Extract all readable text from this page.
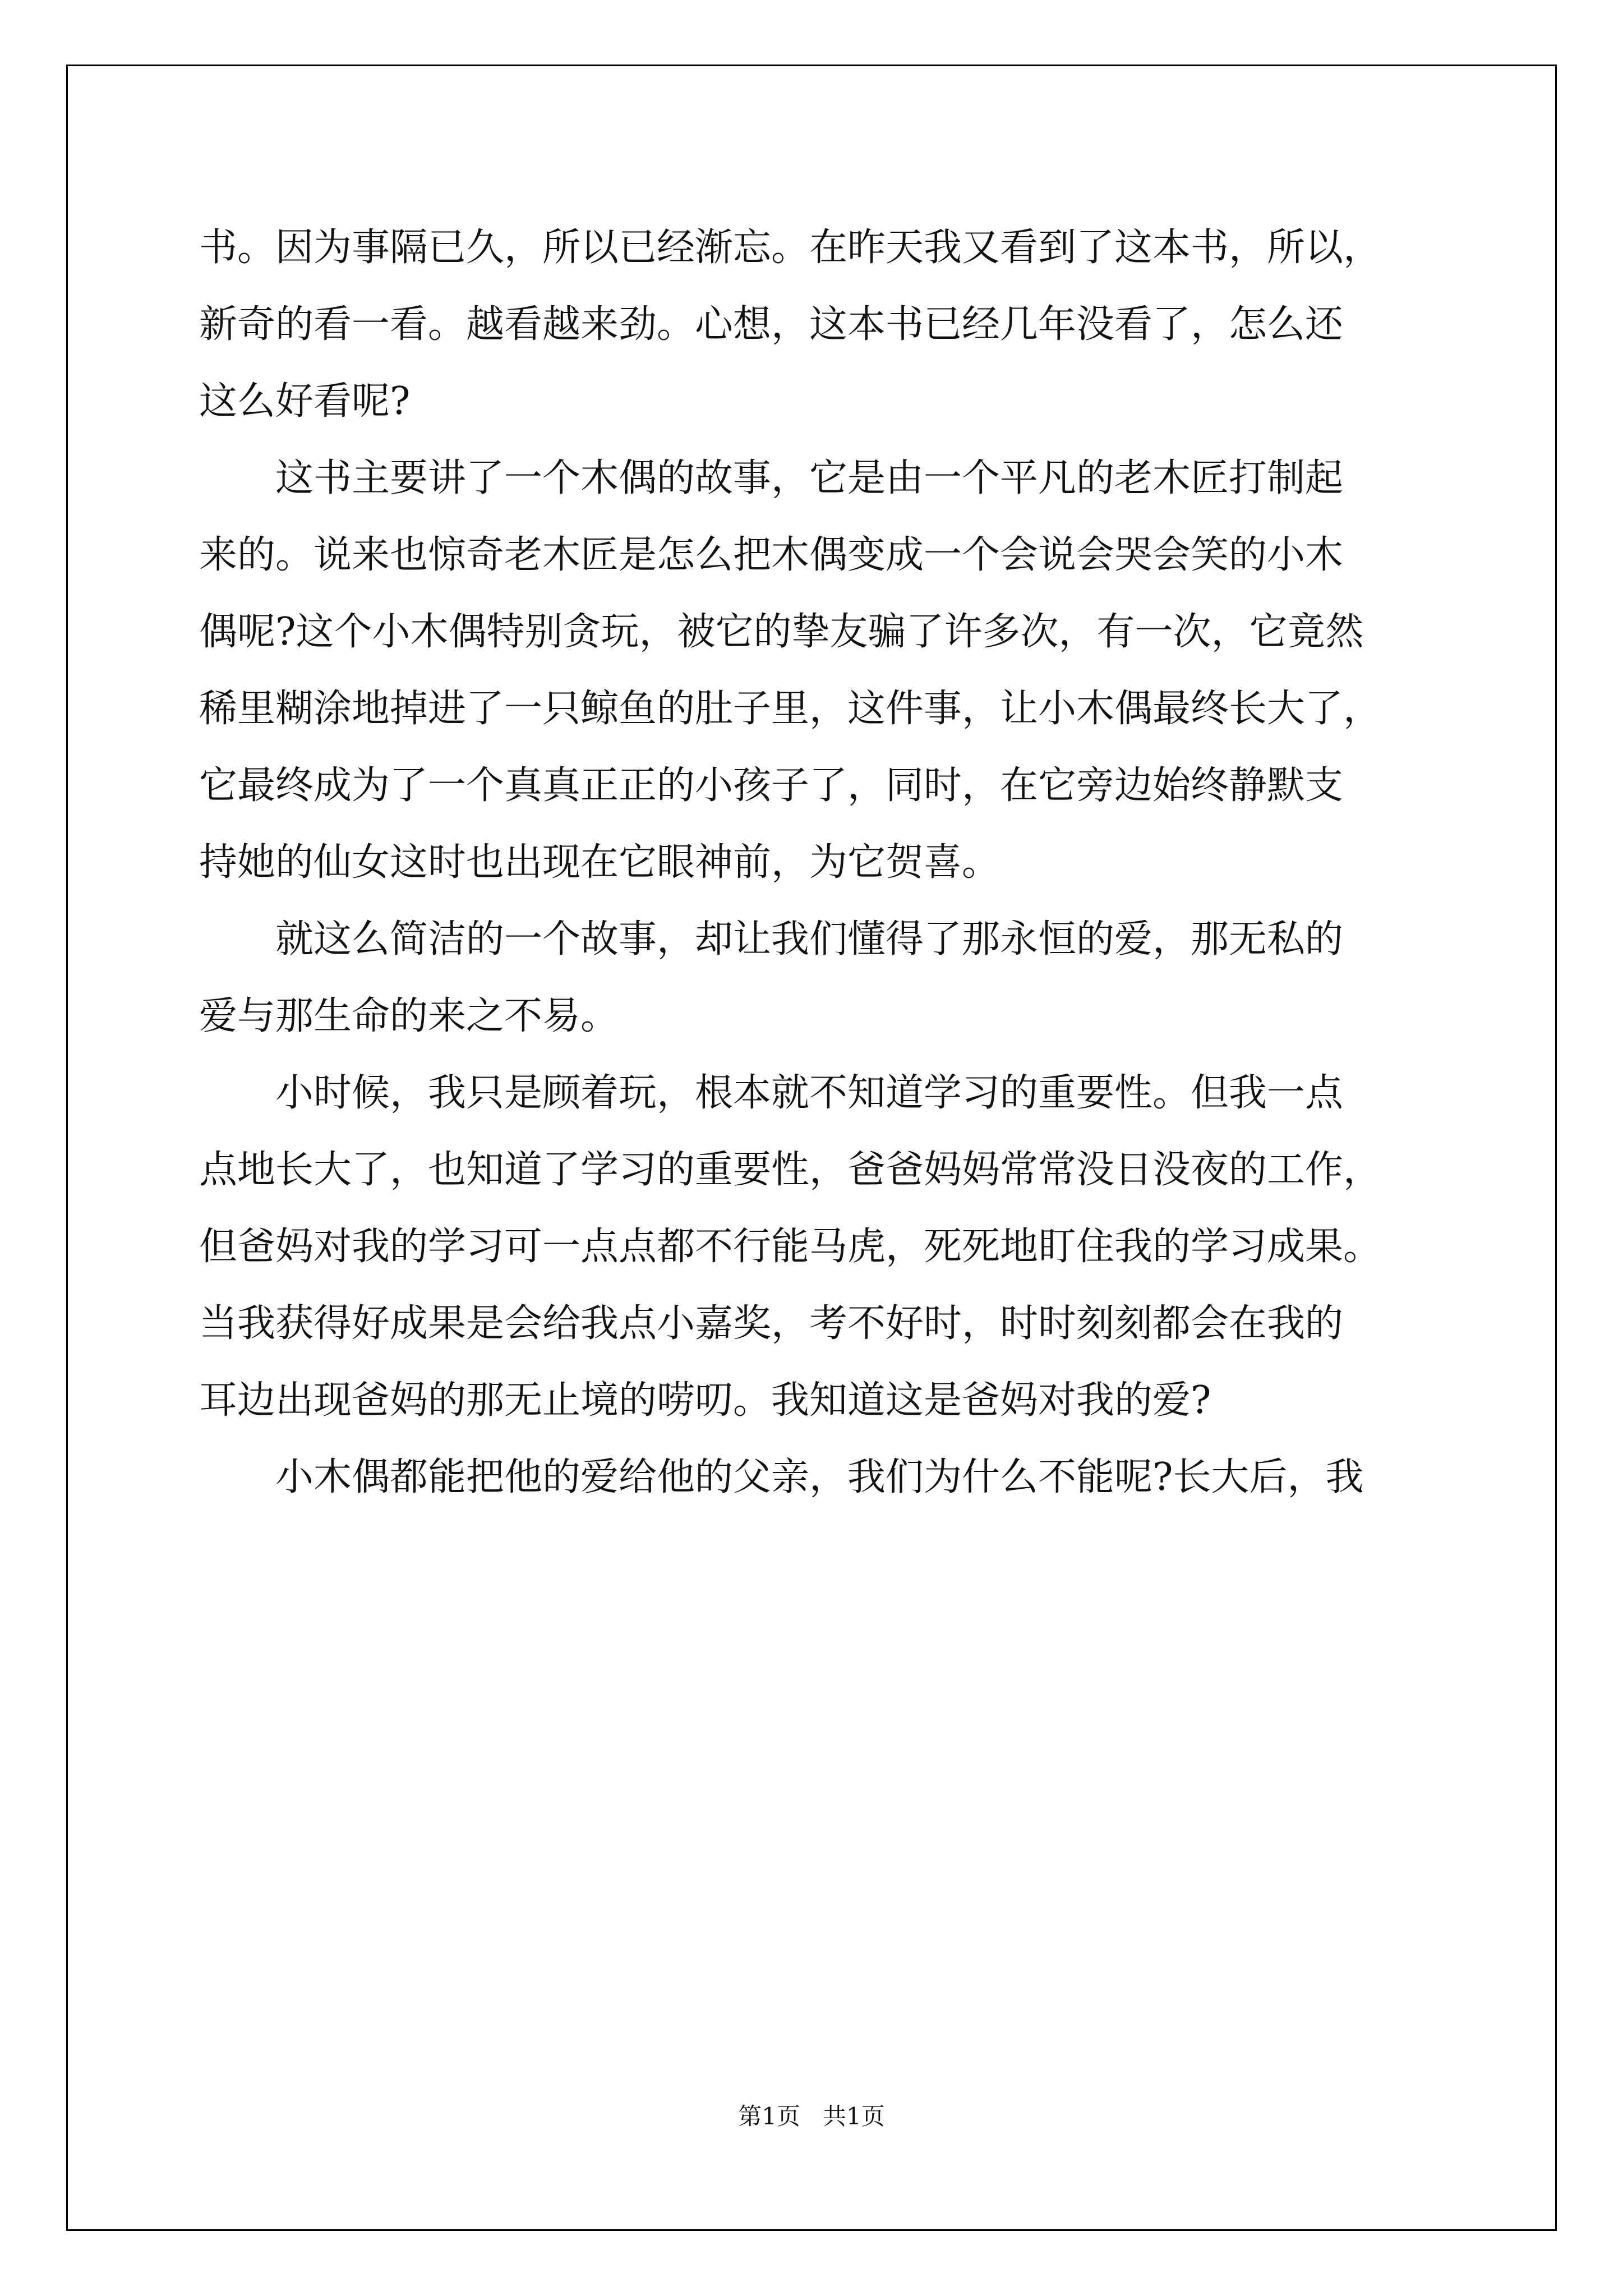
书。因为事隔已久，所以已经渐忘。在昨天我又看到了这本书，所以，
新奇的看一看。越看越来劲。心想，这本书已经几年没看了，怎么还
这么好看呢?
这书主要讲了一个木偶的故事，它是由一个平凡的老木匠打制起
来的。说来也惊奇老木匠是怎么把木偶变成一个会说会哭会笑的小木
偶呢?这个小木偶特别贪玩，被它的挚友骗了许多次，有一次，它竟然
稀里糊涂地掉进了一只鲸鱼的肚子里，这件事，让小木偶最终长大了，
它最终成为了一个真真正正的小孩子了，同时，在它旁边始终静默支
持她的仙女这时也出现在它眼神前，为它贺喜。
就这么简洁的一个故事，却让我们懂得了那永恒的爱，那无私的
爱与那生命的来之不易。
小时候，我只是顾着玩，根本就不知道学习的重要性。但我一点
点地长大了，也知道了学习的重要性，爸爸妈妈常常没日没夜的工作，
但爸妈对我的学习可一点点都不行能马虎，死死地盯住我的学习成果。
当我获得好成果是会给我点小嘉奖，考不好时，时时刻刻都会在我的
耳边出现爸妈的那无止境的唠叨。我知道这是爸妈对我的爱?
小木偶都能把他的爱给他的父亲，我们为什么不能呢?长大后，我
第1页   共1页
